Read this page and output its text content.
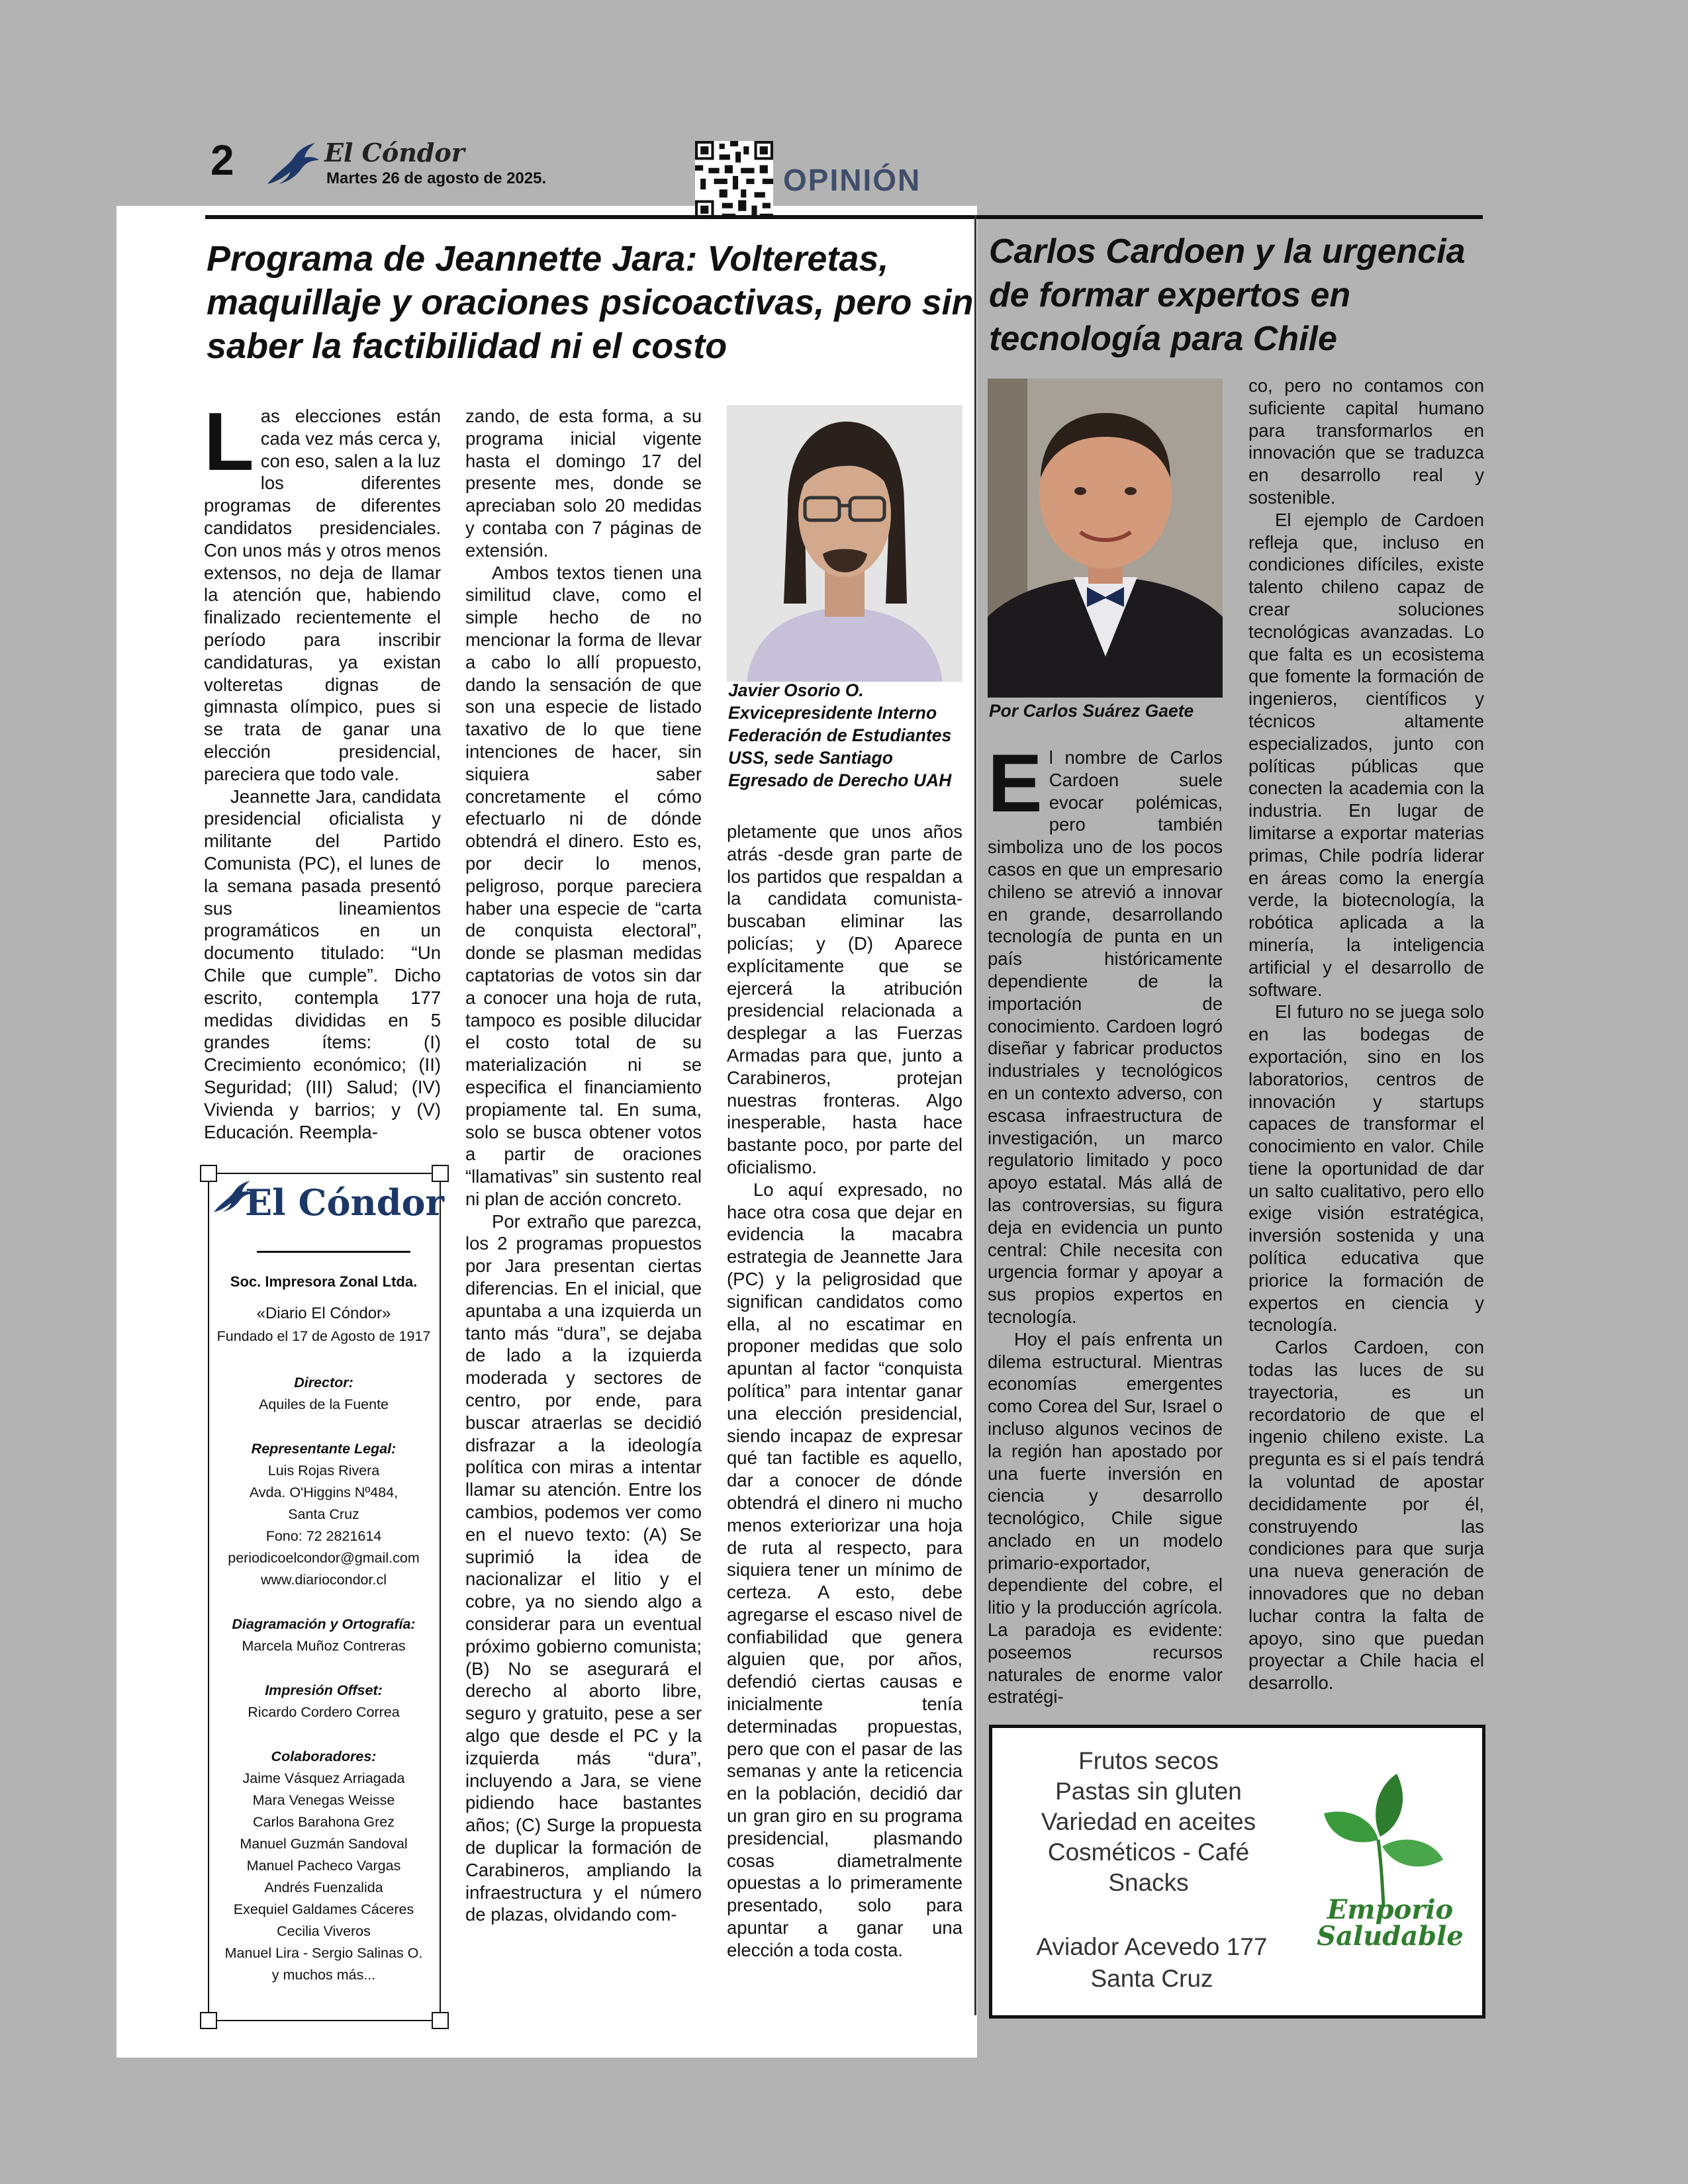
2	El Cóndor
Martes 26 de agosto de 2025.	OPINIÓN
Programa de Jeannette Jara: Volteretas, maquillaje y oraciones psicoactivas, pero sin saber la factibilidad ni el costo

Las elecciones están cada vez más cerca y, con eso, salen a la luz los diferentes programas de diferentes candidatos presidenciales. Con unos más y otros menos extensos, no deja de llamar la atención que, habiendo finalizado recientemente el período para inscribir candidaturas, ya existan volteretas dignas de gimnasta olímpico, pues si se trata de ganar una elección presidencial, pareciera que todo vale.

Jeannette Jara, candidata presidencial oficialista y militante del Partido Comunista (PC), el lunes de la semana pasada presentó sus lineamientos programáticos en un documento titulado: “Un Chile que cumple”. Dicho escrito, contempla 177 medidas divididas en 5 grandes ítems: (I) Crecimiento económico; (II) Seguridad; (III) Salud; (IV) Vivienda y barrios; y (V) Educación. Reempla-

zando, de esta forma, a su programa inicial vigente hasta el domingo 17 del presente mes, donde se apreciaban solo 20 medidas y contaba con 7 páginas de extensión.

Ambos textos tienen una similitud clave, como el simple hecho de no mencionar la forma de llevar a cabo lo allí propuesto, dando la sensación de que son una especie de listado taxativo de lo que tiene intenciones de hacer, sin siquiera saber concretamente el cómo efectuarlo ni de dónde obtendrá el dinero. Esto es, por decir lo menos, peligroso, porque pareciera haber una especie de “carta de conquista electoral”, donde se plasman medidas captatorias de votos sin dar a conocer una hoja de ruta, tampoco es posible dilucidar el costo total de su materialización ni se especifica el financiamiento propiamente tal. En suma, solo se busca obtener votos a partir de oraciones “llamativas” sin sustento real ni plan de acción concreto.

Por extraño que parezca, los 2 programas propuestos por Jara presentan ciertas diferencias. En el inicial, que apuntaba a una izquierda un tanto más “dura”, se dejaba de lado a la izquierda moderada y sectores de centro, por ende, para buscar atraerlas se decidió disfrazar a la ideología política con miras a intentar llamar su atención. Entre los cambios, podemos ver como en el nuevo texto: (A) Se suprimió la idea de nacionalizar el litio y el cobre, ya no siendo algo a considerar para un eventual próximo gobierno comunista; (B) No se asegurará el derecho al aborto libre, seguro y gratuito, pese a ser algo que desde el PC y la izquierda más “dura”, incluyendo a Jara, se viene pidiendo hace bastantes años; (C) Surge la propuesta de duplicar la formación de Carabineros, ampliando la infraestructura y el número de plazas, olvidando com-

Javier Osorio O.
Exvicepresidente Interno
Federación de Estudiantes
USS, sede Santiago
Egresado de Derecho UAH

pletamente que unos años atrás -desde gran parte de los partidos que respaldan a la candidata comunista- buscaban eliminar las policías; y (D) Aparece explícitamente que se ejercerá la atribución presidencial relacionada a desplegar a las Fuerzas Armadas para que, junto a Carabineros, protejan nuestras fronteras. Algo inesperable, hasta hace bastante poco, por parte del oficialismo.

Lo aquí expresado, no hace otra cosa que dejar en evidencia la macabra estrategia de Jeannette Jara (PC) y la peligrosidad que significan candidatos como ella, al no escatimar en proponer medidas que solo apuntan al factor “conquista política” para intentar ganar una elección presidencial, siendo incapaz de expresar qué tan factible es aquello, dar a conocer de dónde obtendrá el dinero ni mucho menos exteriorizar una hoja de ruta al respecto, para siquiera tener un mínimo de certeza. A esto, debe agregarse el escaso nivel de confiabilidad que genera alguien que, por años, defendió ciertas causas e inicialmente tenía determinadas propuestas, pero que con el pasar de las semanas y ante la reticencia en la población, decidió dar un gran giro en su programa presidencial, plasmando cosas diametralmente opuestas a lo primeramente presentado, solo para apuntar a ganar una elección a toda costa.

El Cóndor
Soc. Impresora Zonal Ltda.
«Diario El Cóndor»
Fundado el 17 de Agosto de 1917
Director:
Aquiles de la Fuente
Representante Legal:
Luis Rojas Rivera
Avda. O'Higgins Nº484,
Santa Cruz
Fono: 72 2821614
periodicoelcondor@gmail.com
www.diariocondor.cl
Diagramación y Ortografía:
Marcela Muñoz Contreras
Impresión Offset:
Ricardo Cordero Correa
Colaboradores:
Jaime Vásquez Arriagada
Mara Venegas Weisse
Carlos Barahona Grez
Manuel Guzmán Sandoval
Manuel Pacheco Vargas
Andrés Fuenzalida
Exequiel Galdames Cáceres
Cecilia Viveros
Manuel Lira - Sergio Salinas O.
y muchos más...
Carlos Cardoen y la urgencia de formar expertos en tecnología para Chile
Por Carlos Suárez Gaete

El nombre de Carlos Cardoen suele evocar polémicas, pero también simboliza uno de los pocos casos en que un empresario chileno se atrevió a innovar en grande, desarrollando tecnología de punta en un país históricamente dependiente de la importación de conocimiento. Cardoen logró diseñar y fabricar productos industriales y tecnológicos en un contexto adverso, con escasa infraestructura de investigación, un marco regulatorio limitado y poco apoyo estatal. Más allá de las controversias, su figura deja en evidencia un punto central: Chile necesita con urgencia formar y apoyar a sus propios expertos en tecnología.

Hoy el país enfrenta un dilema estructural. Mientras economías emergentes como Corea del Sur, Israel o incluso algunos vecinos de la región han apostado por una fuerte inversión en ciencia y desarrollo tecnológico, Chile sigue anclado en un modelo primario-exportador, dependiente del cobre, el litio y la producción agrícola. La paradoja es evidente: poseemos recursos naturales de enorme valor estratégi-

co, pero no contamos con suficiente capital humano para transformarlos en innovación que se traduzca en desarrollo real y sostenible.

El ejemplo de Cardoen refleja que, incluso en condiciones difíciles, existe talento chileno capaz de crear soluciones tecnológicas avanzadas. Lo que falta es un ecosistema que fomente la formación de ingenieros, científicos y técnicos altamente especializados, junto con políticas públicas que conecten la academia con la industria. En lugar de limitarse a exportar materias primas, Chile podría liderar en áreas como la energía verde, la biotecnología, la robótica aplicada a la minería, la inteligencia artificial y el desarrollo de software.

El futuro no se juega solo en las bodegas de exportación, sino en los laboratorios, centros de innovación y startups capaces de transformar el conocimiento en valor. Chile tiene la oportunidad de dar un salto cualitativo, pero ello exige visión estratégica, inversión sostenida y una política educativa que priorice la formación de expertos en ciencia y tecnología.

Carlos Cardoen, con todas las luces de su trayectoria, es un recordatorio de que el ingenio chileno existe. La pregunta es si el país tendrá la voluntad de apostar decididamente por él, construyendo las condiciones para que surja una nueva generación de innovadores que no deban luchar contra la falta de apoyo, sino que puedan proyectar a Chile hacia el desarrollo.

Frutos secos
Pastas sin gluten
Variedad en aceites
Cosméticos - Café
Snacks
Aviador Acevedo 177
Santa Cruz
Emporio
Saludable
